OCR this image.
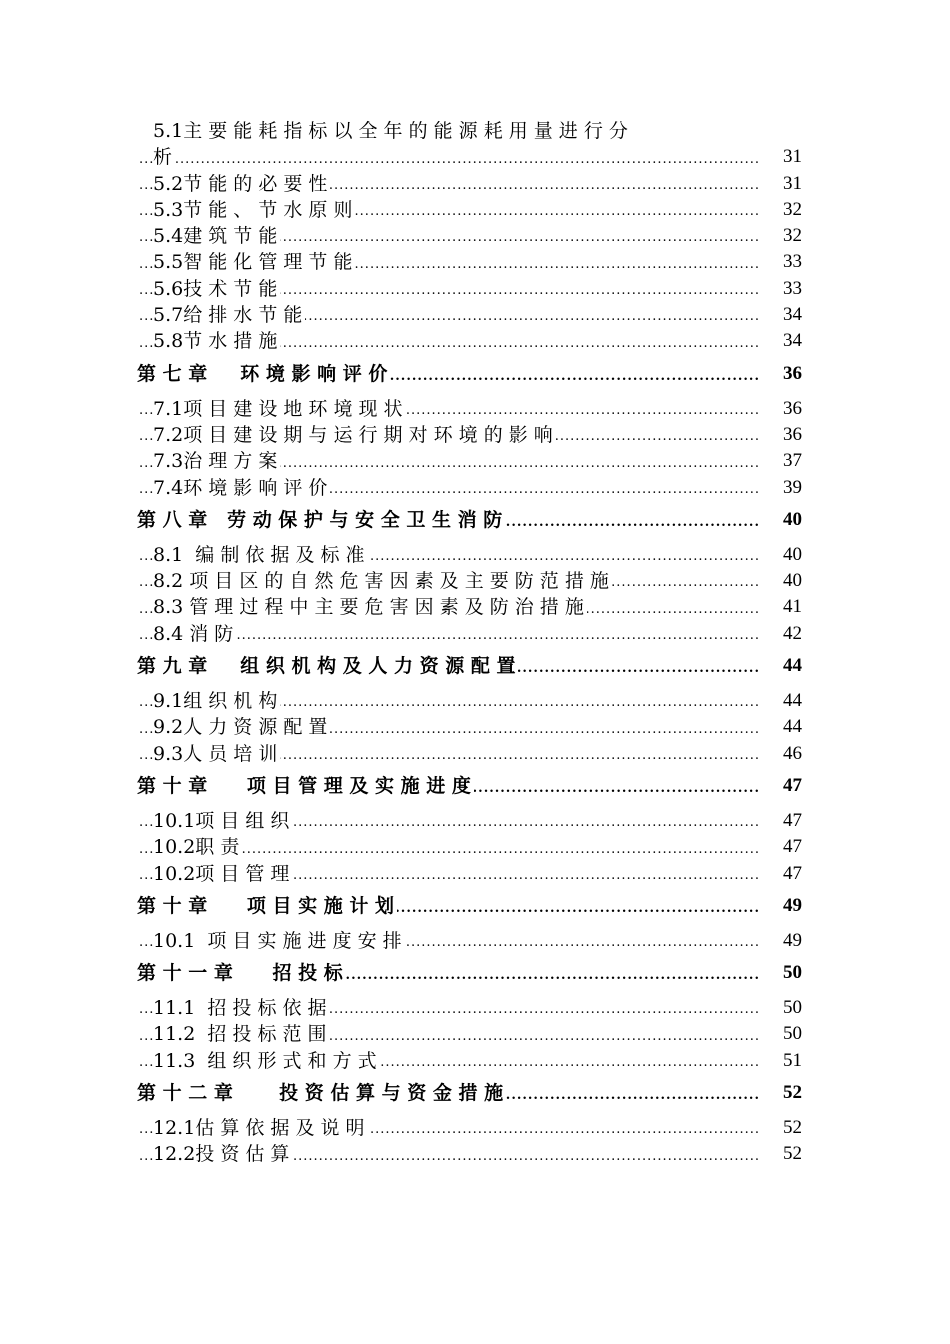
5.1主 要 能 耗 指 标 以 全 年 的 能 源 耗 用 量 进 行 分
.....
析	31
.....
5.2节 能 的 必 要 性	31
.....
5.3节 能 、 节 水 原 则	32
.....
5.4建 筑 节 能	32
.....
5.5智 能 化 管 理 节 能	33
.....
5.6技 术 节 能	33
.....
5.7给 排 水 节 能	34
.....
5.8节 水 措 施	34
.....
第 七 章     环 境 影 响 评 价	36
.....
7.1项 目 建 设 地 环 境 现 状	36
.....
7.2项 目 建 设 期 与 运 行 期 对 环 境 的 影 响	36
.....
7.3治 理 方 案	37
.....
7.4环 境 影 响 评 价	39
.....
第 八 章   劳 动 保 护 与 安 全 卫 生 消 防	40
.....
8.1  编 制 依 据 及 标 准	40
.....
8.2 项 目 区 的 自 然 危 害 因 素 及 主 要 防 范 措 施	40
.....
8.3 管 理 过 程 中 主 要 危 害 因 素 及 防 治 措 施	41
.....
8.4 消 防	42
.....
第 九 章     组 织 机 构 及 人 力 资 源 配 置	44
.....
9.1组 织 机 构	44
.....
9.2人 力 资 源 配 置	44
.....
9.3人 员 培 训	46
.....
第 十 章      项 目 管 理 及 实 施 进 度	47
.....
10.1项 目 组 织	47
.....
10.2职 责	47
.....
10.2项 目 管 理	47
.....
第 十 章      项 目 实 施 计 划	49
.....
10.1  项 目 实 施 进 度 安 排	49
.....
第 十 一 章      招 投 标	50
.....
11.1  招 投 标 依 据	50
.....
11.2  招 投 标 范 围	50
.....
11.3  组 织 形 式 和 方 式	51
.....
第 十 二 章       投 资 估 算 与 资 金 措 施	52
.....
12.1估 算 依 据 及 说 明	52
.....
12.2投 资 估 算	52
